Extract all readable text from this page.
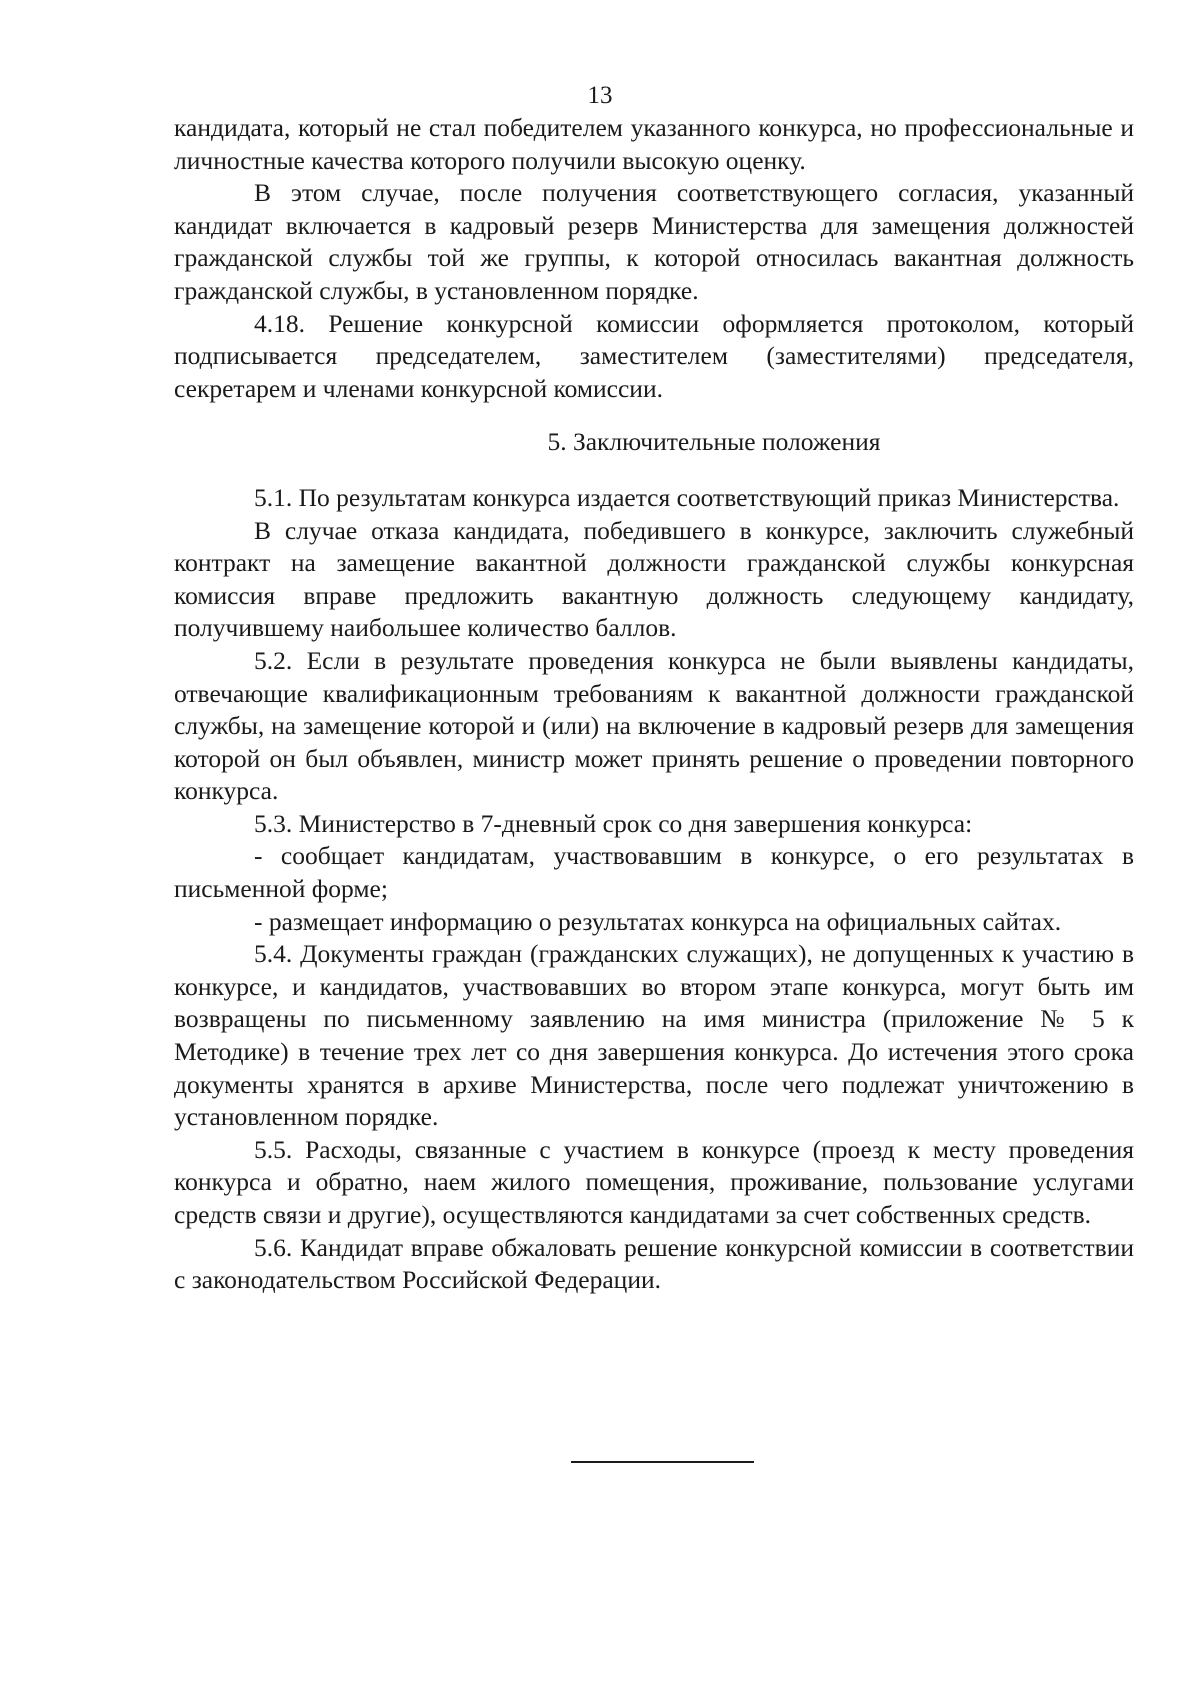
13

кандидата, который не стал победителем указанного конкурса, но профессиональные и личностные качества которого получили высокую оценку.

В этом случае, после получения соответствующего согласия, указанный кандидат включается в кадровый резерв Министерства для замещения должностей гражданской службы той же группы, к которой относилась вакантная должность гражданской службы, в установленном порядке.

4.18. Решение конкурсной комиссии оформляется протоколом, который подписывается председателем, заместителем (заместителями) председателя, секретарем и членами конкурсной комиссии.

5. Заключительные положения

5.1. По результатам конкурса издается соответствующий приказ Министерства.

В случае отказа кандидата, победившего в конкурсе, заключить служебный контракт на замещение вакантной должности гражданской службы конкурсная комиссия вправе предложить вакантную должность следующему кандидату, получившему наибольшее количество баллов.

5.2. Если в результате проведения конкурса не были выявлены кандидаты, отвечающие квалификационным требованиям к вакантной должности гражданской службы, на замещение которой и (или) на включение в кадровый резерв для замещения которой он был объявлен, министр может принять решение о проведении повторного конкурса.

5.3. Министерство в 7-дневный срок со дня завершения конкурса:

- сообщает кандидатам, участвовавшим в конкурсе, о его результатах в письменной форме;

- размещает информацию о результатах конкурса на официальных сайтах.

5.4. Документы граждан (гражданских служащих), не допущенных к участию в конкурсе, и кандидатов, участвовавших во втором этапе конкурса, могут быть им возвращены по письменному заявлению на имя министра (приложение № 5 к Методике) в течение трех лет со дня завершения конкурса. До истечения этого срока документы хранятся в архиве Министерства, после чего подлежат уничтожению в установленном порядке.

5.5. Расходы, связанные с участием в конкурсе (проезд к месту проведения конкурса и обратно, наем жилого помещения, проживание, пользование услугами средств связи и другие), осуществляются кандидатами за счет собственных средств.

5.6. Кандидат вправе обжаловать решение конкурсной комиссии в соответствии с законодательством Российской Федерации.
